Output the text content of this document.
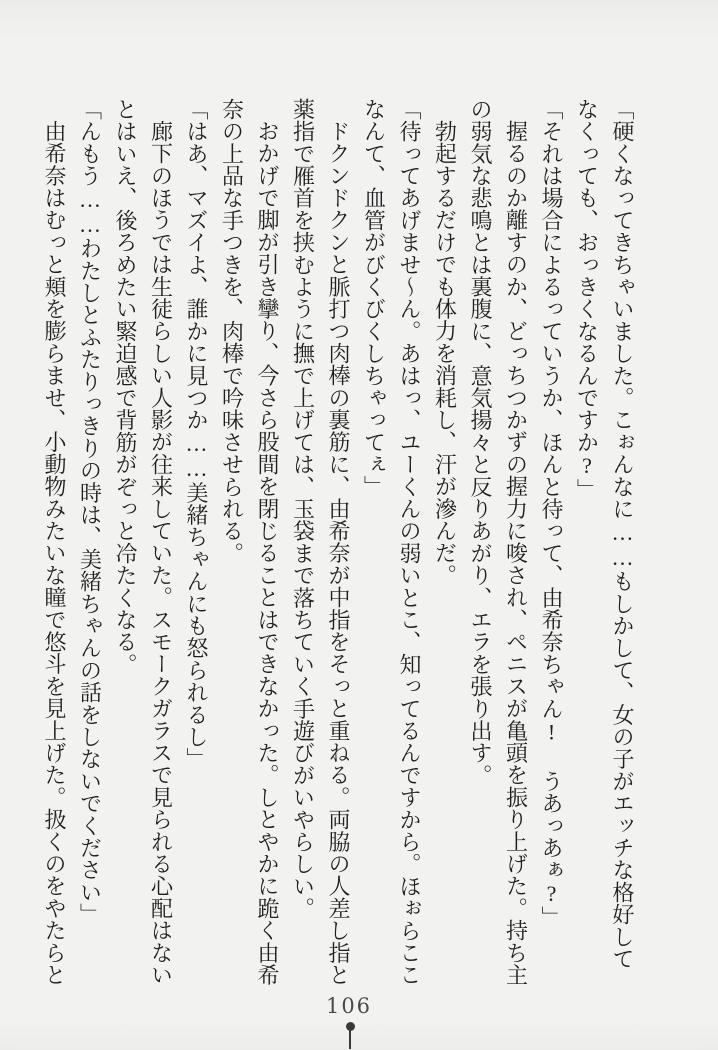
「硬くなってきちゃいました。こぉんなに……もしかして、女の子がエッチな格好してなくっても、おっきくなるんですか?」

「それは場合によるっていうか、ほんと待って、由希奈ちゃん! うあっあぁ?」

握るのか離すのか、どっちつかずの握力に唆され、ペニスが亀頭を振り上げた。持ち主の弱気な悲鳴とは裏腹に、意気揚々と反りあがり、エラを張り出す。

勃起するだけでも体力を消耗し、汗が滲んだ。

「待ってあげませ〜ん。あはっ、ユーくんの弱いとこ、知ってるんですから。ほぉらここなんて、血管がびくびくしちゃってぇ」

ドクンドクンと脈打つ肉棒の裏筋に、由希奈が中指をそっと重ねる。両脇の人差し指と薬指で雁首を挟むように撫で上げては、玉袋まで落ちていく手遊びがいやらしい。

おかげで脚が引き攣り、今さら股間を閉じることはできなかった。しとやかに跪く由希奈の上品な手つきを、肉棒で吟味させられる。

「はあ、マズイよ、誰かに見つか……美緒ちゃんにも怒られるし」

廊下のほうでは生徒らしい人影が往来していた。スモークガラスで見られる心配はないとはいえ、後ろめたい緊迫感で背筋がぞっと冷たくなる。

「んもう……わたしとふたりっきりの時は、美緒ちゃんの話をしないでください」

由希奈はむっと頬を膨らませ、小動物みたいな瞳で悠斗を見上げた。扱くのをやたらと

106
